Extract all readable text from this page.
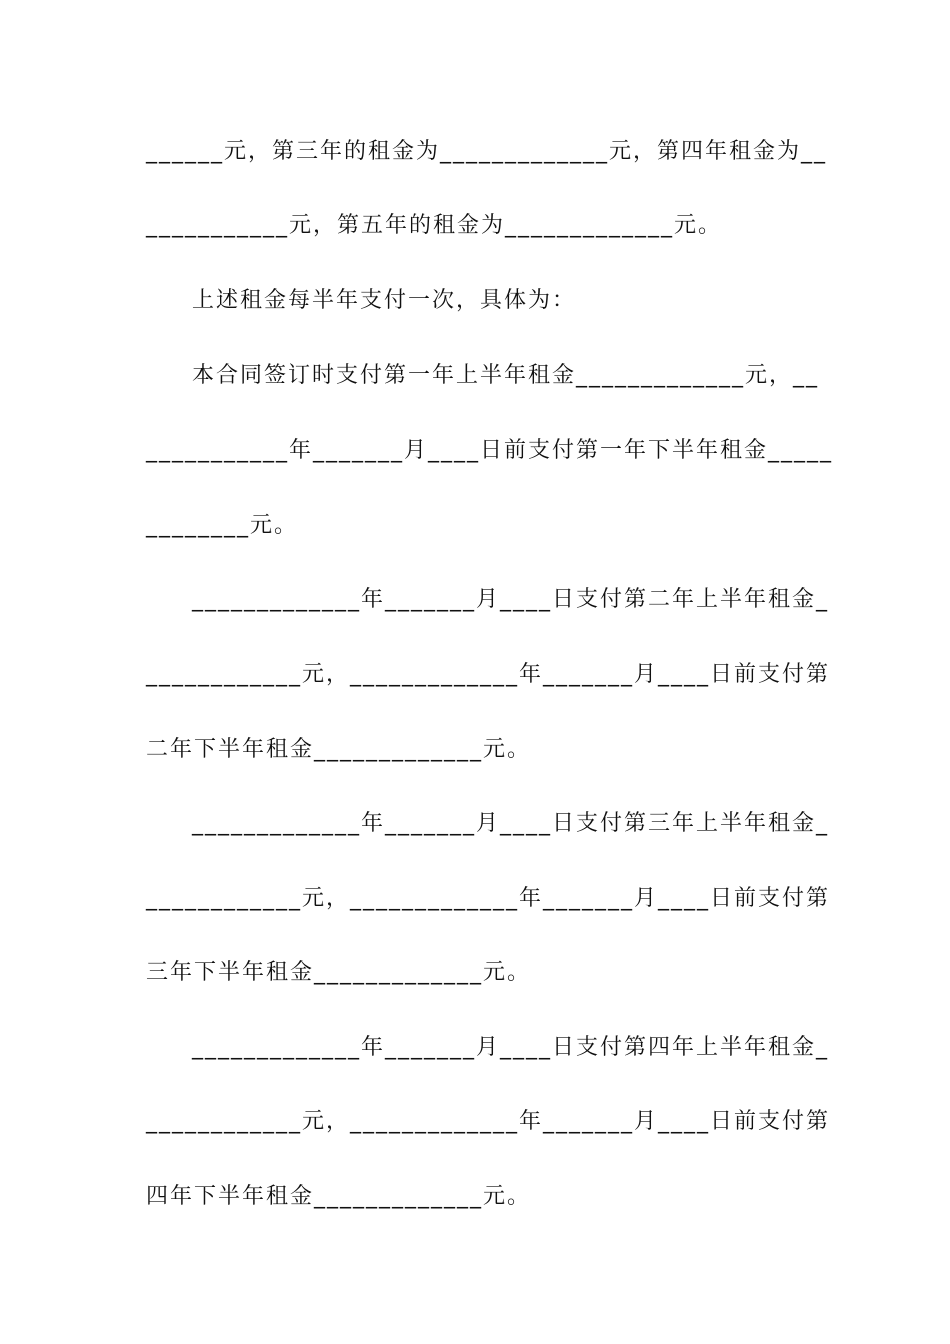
______元，第三年的租金为_____________元，第四年租金为__
___________元，第五年的租金为_____________元。
上述租金每半年支付一次，具体为：
本合同签订时支付第一年上半年租金_____________元，__
___________年_______月____日前支付第一年下半年租金_____
________元。
_____________年_______月____日支付第二年上半年租金_
____________元，_____________年_______月____日前支付第
二年下半年租金_____________元。
_____________年_______月____日支付第三年上半年租金_
____________元，_____________年_______月____日前支付第
三年下半年租金_____________元。
_____________年_______月____日支付第四年上半年租金_
____________元，_____________年_______月____日前支付第
四年下半年租金_____________元。
